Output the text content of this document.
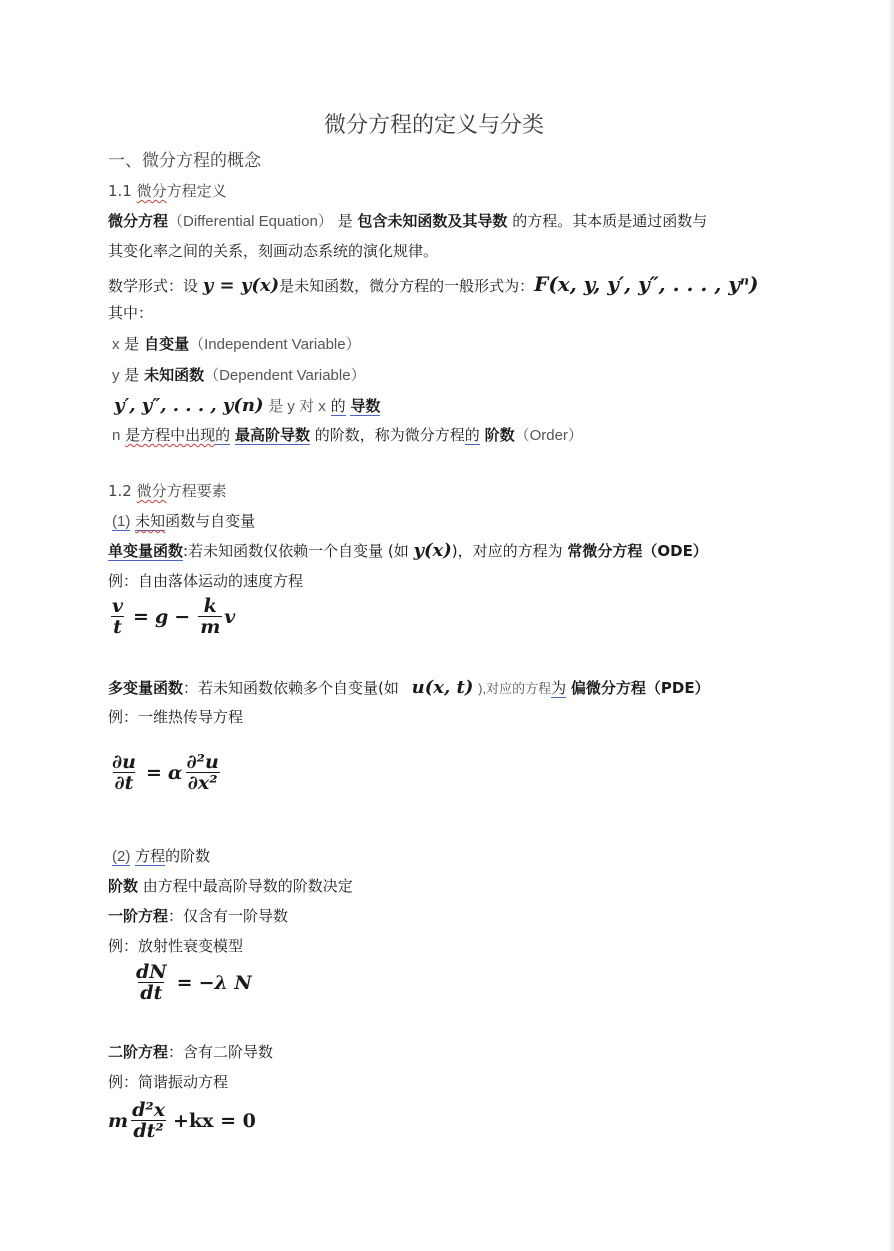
微分方程的定义与分类
一、微分方程的概念
1.1 微分方程定义
微分方程（Differential Equation） 是 包含未知函数及其导数 的方程。其本质是通过函数与
其变化率之间的关系，刻画动态系统的演化规律。
数学形式：设 y = y(x)是未知函数，微分方程的一般形式为：F(x, y, y′, y″, . . . , yⁿ)
其中：
x 是 自变量（Independent Variable）
y 是 未知函数（Dependent Variable）
y′, y″, . . . , y(n) 是 y 对 x 的 导数
n 是方程中出现的 最高阶导数 的阶数，称为微分方程的 阶数（Order）
1.2 微分方程要素
(1) 未知函数与自变量
单变量函数:若未知函数仅依赖一个自变量 (如 y(x))，对应的方程为 常微分方程（ODE）
例：自由落体运动的速度方程
$\frac{v}{t} = g - \frac{k}{m}$ v
多变量函数：若未知函数依赖多个自变量(如 u(x, t) ),对应的方程为 偏微分方程（PDE）
例：一维热传导方程
$\frac{\partial u}{\partial t} = \alpha \frac{\text{∂²u}}{\text{∂x²}}$
(2) 方程的阶数
阶数 由方程中最高阶导数的阶数决定
一阶方程：仅含有一阶导数
例：放射性衰变模型
$\frac{dN}{dt} = -\lambda$ N
二阶方程：含有二阶导数
例：简谐振动方程
m $\frac{\text{d²x}}{\text{dt²}} +kx = 0$
